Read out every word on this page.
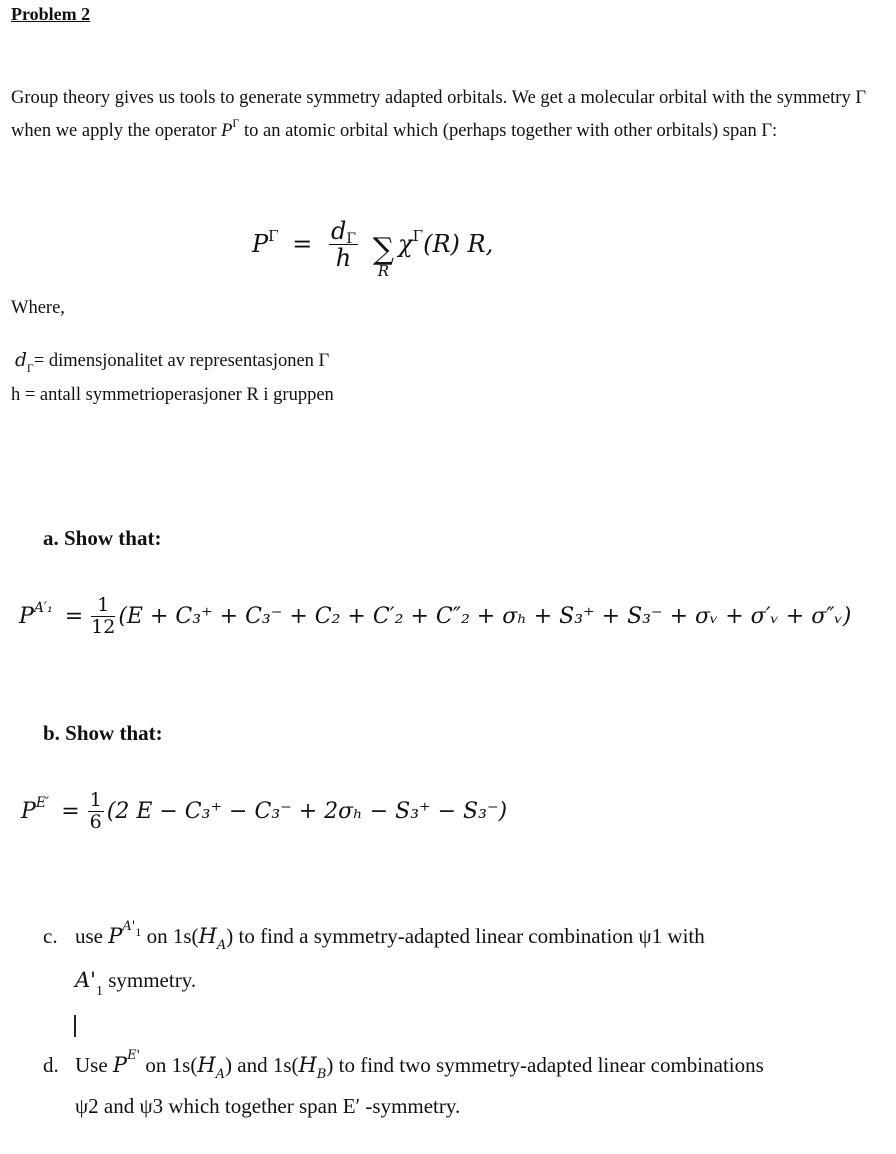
Problem 2
Group theory gives us tools to generate symmetry adapted orbitals. We get a molecular orbital with the symmetry Γ when we apply the operator $P^\Gamma$ to an atomic orbital which (perhaps together with other orbitals) span Γ:
$P^\Gamma = \frac{d\Gamma}{h}$
∑
R
$\chi^\Gamma(R)$ R,
Where,
$d_\Gamma=$ dimensjonalitet av representasjonen Γ
h = antall symmetrioperasjoner R i gruppen
a. Show that:
$P^{A'_1} = \frac{1}{12} (E + C_3^+ + C_3^- + C_2 + C'_2 + C''_2 + \sigma_h + S_3^+ + S_3^-$ + σᵥ + σ′ᵥ + σ″ᵥ)
b. Show that:
$P^{E'} = \frac{1}{6} (2$ E − C₃⁺ − C₃⁻ + 2σₕ − S₃⁺ − S₃⁻)
c. use $P^{A'1}$ on $1s(H_A)$ to find a symmetry-adapted linear combination ψ1 with
$A'_1$ symmetry.
d. Use $P^{E'}$ on $1s(H_A)$ and $1s(H_B)$ to find two symmetry-adapted linear combinations
ψ2 and ψ3 which together span E′ -symmetry.
